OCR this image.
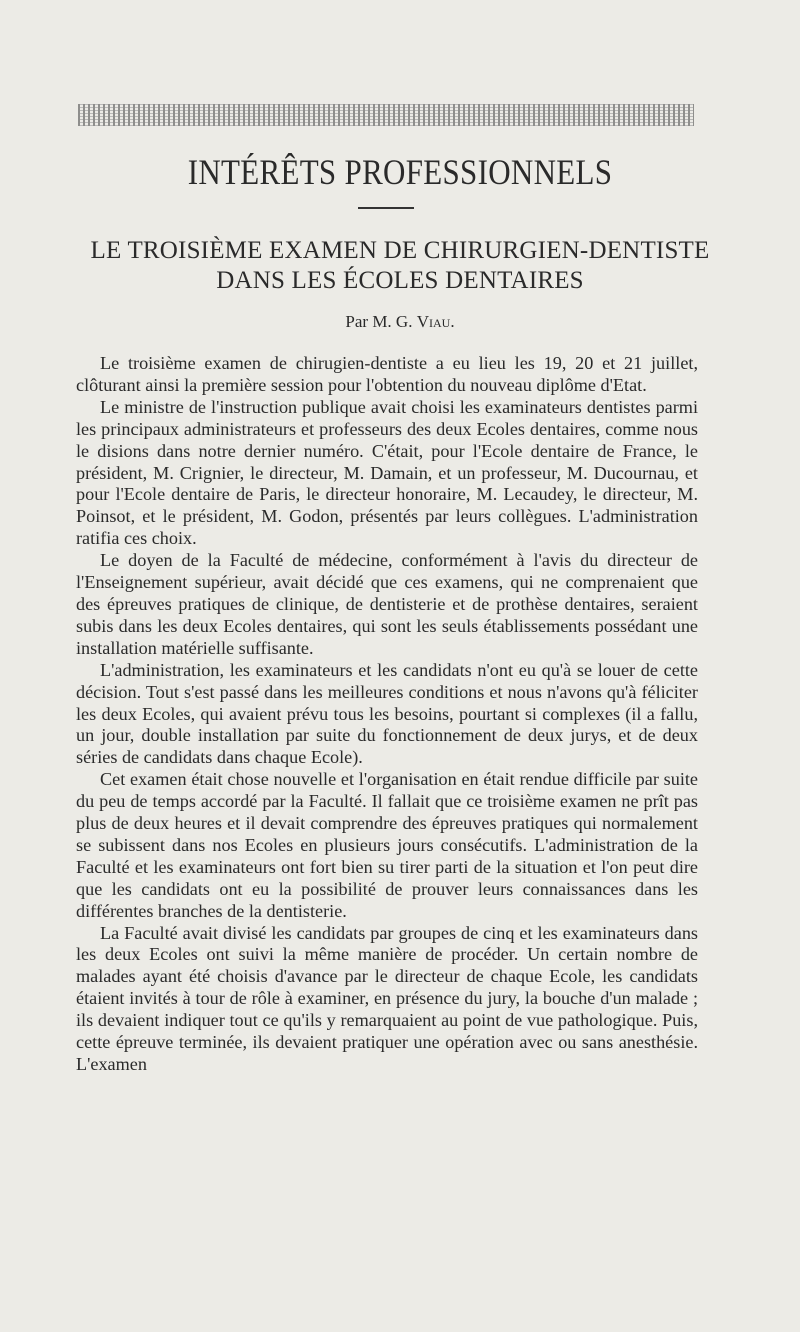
INTÉRÊTS PROFESSIONNELS
LE TROISIÈME EXAMEN DE CHIRURGIEN-DENTISTE
DANS LES ÉCOLES DENTAIRES
Par M. G. Viau.

Le troisième examen de chirugien-dentiste a eu lieu les 19, 20 et 21 juillet, clôturant ainsi la première session pour l'obtention du nouveau diplôme d'Etat.

Le ministre de l'instruction publique avait choisi les examinateurs dentistes parmi les principaux administrateurs et professeurs des deux Ecoles dentaires, comme nous le disions dans notre dernier numéro. C'était, pour l'Ecole dentaire de France, le président, M. Crignier, le directeur, M. Damain, et un professeur, M. Ducournau, et pour l'Ecole dentaire de Paris, le directeur honoraire, M. Lecaudey, le directeur, M. Poinsot, et le président, M. Godon, présentés par leurs collègues. L'administration ratifia ces choix.

Le doyen de la Faculté de médecine, conformément à l'avis du directeur de l'Enseignement supérieur, avait décidé que ces examens, qui ne comprenaient que des épreuves pratiques de clinique, de dentisterie et de prothèse dentaires, seraient subis dans les deux Ecoles dentaires, qui sont les seuls établissements possédant une installation matérielle suffisante.

L'administration, les examinateurs et les candidats n'ont eu qu'à se louer de cette décision. Tout s'est passé dans les meilleures conditions et nous n'avons qu'à féliciter les deux Ecoles, qui avaient prévu tous les besoins, pourtant si complexes (il a fallu, un jour, double installation par suite du fonctionnement de deux jurys, et de deux séries de candidats dans chaque Ecole).

Cet examen était chose nouvelle et l'organisation en était rendue difficile par suite du peu de temps accordé par la Faculté. Il fallait que ce troisième examen ne prît pas plus de deux heures et il devait comprendre des épreuves pratiques qui normalement se subissent dans nos Ecoles en plusieurs jours consécutifs. L'administration de la Faculté et les examinateurs ont fort bien su tirer parti de la situation et l'on peut dire que les candidats ont eu la possibilité de prouver leurs connaissances dans les différentes branches de la dentisterie.

La Faculté avait divisé les candidats par groupes de cinq et les examinateurs dans les deux Ecoles ont suivi la même manière de procéder. Un certain nombre de malades ayant été choisis d'avance par le directeur de chaque Ecole, les candidats étaient invités à tour de rôle à examiner, en présence du jury, la bouche d'un malade ; ils devaient indiquer tout ce qu'ils y remarquaient au point de vue pathologique. Puis, cette épreuve terminée, ils devaient pratiquer une opération avec ou sans anesthésie. L'examen
